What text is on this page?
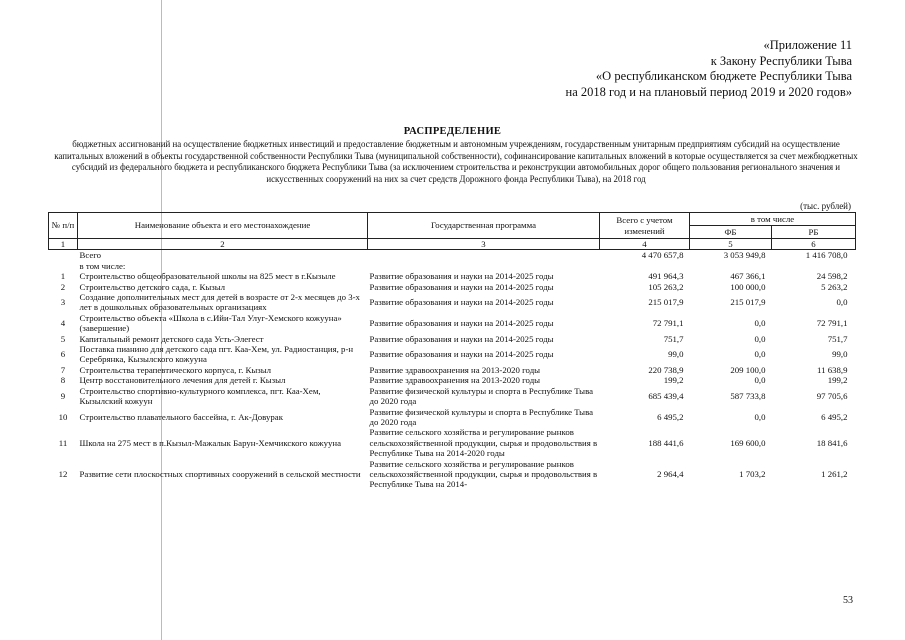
«Приложение 11
к Закону Республики Тыва
«О республиканском бюджете Республики Тыва
на 2018 год и на плановый период 2019 и 2020 годов»
РАСПРЕДЕЛЕНИЕ
бюджетных ассигнований на осуществление бюджетных инвестиций и предоставление бюджетным и автономным учреждениям, государственным унитарным предприятиям субсидий на осуществление капитальных вложений в объекты государственной собственности Республики Тыва (муниципальной собственности), софинансирование капитальных вложений в которые осуществляется за счет межбюджетных субсидий из федерального бюджета и республиканского бюджета Республики Тыва (за исключением строительства и реконструкции автомобильных дорог общего пользования регионального значения и искусственных сооружений на них за счет средств Дорожного фонда Республики Тыва), на 2018 год
(тыс. рублей)
№ п/п	Наименование объекта и его местонахождение	Государственная программа	Всего с учетом изменений	в том числе	
				ФБ	РБ
1	2	3	4	5	6
	Всего		4 470 657,8	3 053 949,8	1 416 708,0
	в том числе:				
1	Строительство общеобразовательной школы на 825 мест в г.Кызыле	Развитие образования и науки на 2014-2025 годы	491 964,3	467 366,1	24 598,2
2	Строительство детского сада, г. Кызыл	Развитие образования и науки на 2014-2025 годы	105 263,2	100 000,0	5 263,2
3	Создание дополнительных мест для детей в возрасте от 2-х месяцев до 3-х лет в дошкольных образовательных организациях	Развитие образования и науки на 2014-2025 годы	215 017,9	215 017,9	0,0
4	Строительство объекта «Школа в с.Ийи-Тал Улуг-Хемского кожууна» (завершение)	Развитие образования и науки на 2014-2025 годы	72 791,1	0,0	72 791,1
5	Капитальный ремонт детского сада Усть-Элегест	Развитие образования и науки на 2014-2025 годы	751,7	0,0	751,7
6	Поставка пианино для детского сада пгт. Каа-Хем, ул. Радиостанция, р-н Серебрянка, Кызылского кожууна	Развитие образования и науки на 2014-2025 годы	99,0	0,0	99,0
7	Строительства терапевтического корпуса, г. Кызыл	Развитие здравоохранения на 2013-2020 годы	220 738,9	209 100,0	11 638,9
8	Центр восстановительного лечения для детей г. Кызыл	Развитие здравоохранения на 2013-2020 годы	199,2	0,0	199,2
9	Строительство спортивно-культурного комплекса, пгт. Каа-Хем, Кызылский кожуун	Развитие физической культуры и спорта в Республике Тыва до 2020 года	685 439,4	587 733,8	97 705,6
10	Строительство плавательного бассейна, г. Ак-Довурак	Развитие физической культуры и спорта в Республике Тыва до 2020 года	6 495,2	0,0	6 495,2
11	Школа на 275 мест в п.Кызыл-Мажалык Барун-Хемчикского кожууна	Развитие сельского хозяйства и регулирование рынков сельскохозяйственной продукции, сырья и продовольствия в Республике Тыва на 2014-2020 годы	188 441,6	169 600,0	18 841,6
12	Развитие сети плоскостных спортивных сооружений в сельской местности	Развитие сельского хозяйства и регулирование рынков сельскохозяйственной продукции, сырья и продовольствия в Республике Тыва на 2014-	2 964,4	1 703,2	1 261,2
53
